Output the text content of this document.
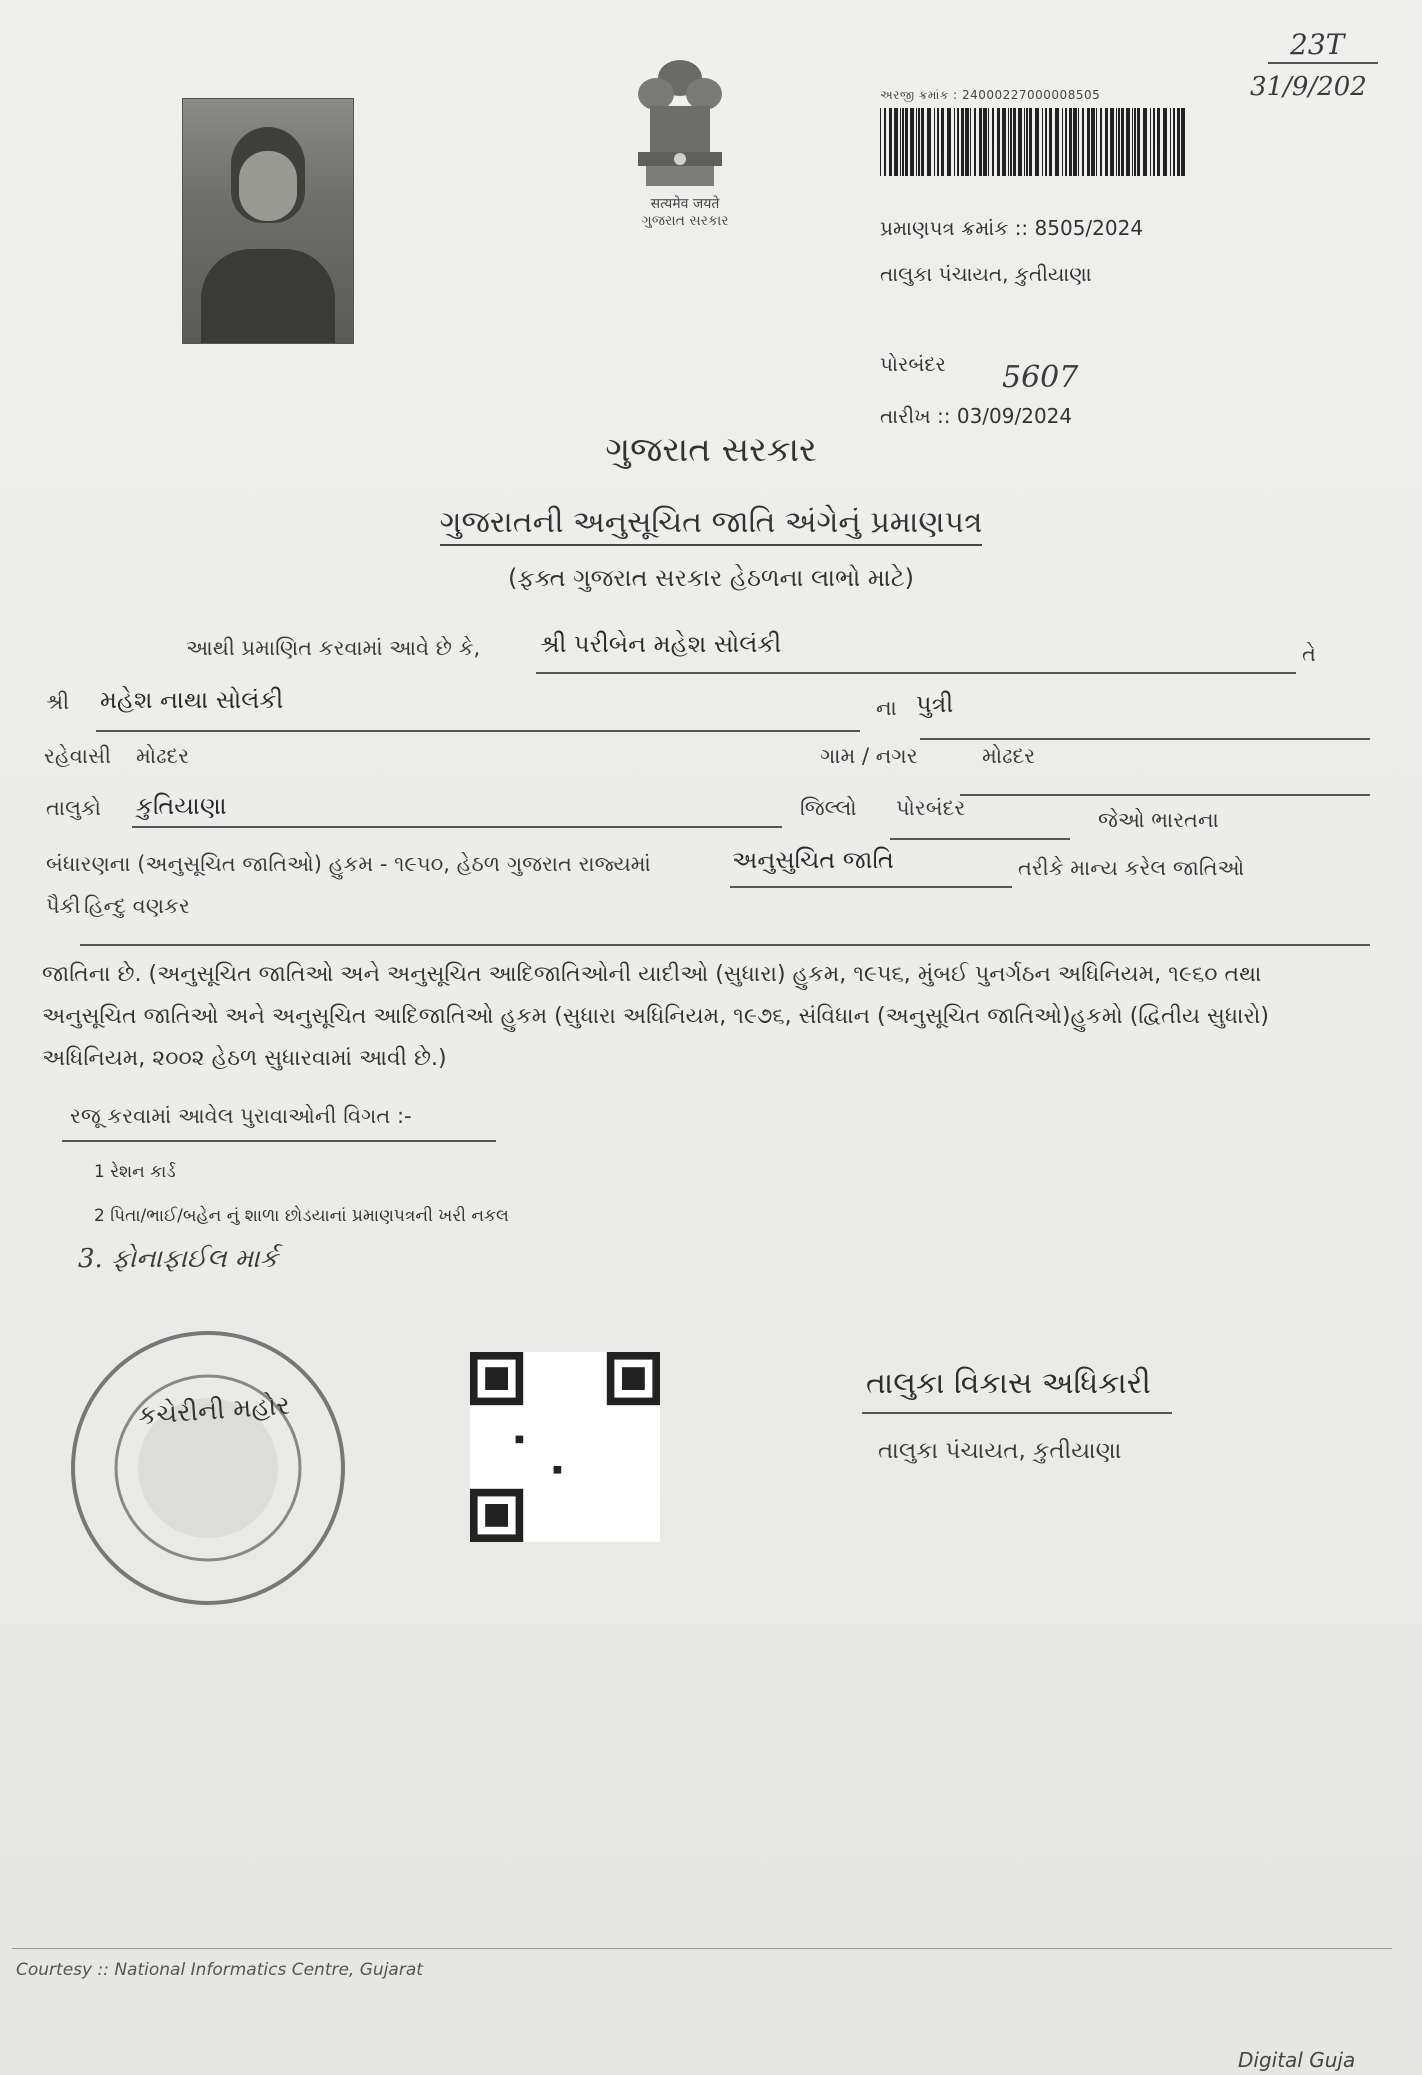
23T
31/9/202
सत्यमेव जयते
ગુજરાત સરકાર
અરજી ક્રમાંક : 24000227000008505
પ્રમાણપત્ર ક્રમાંક :: 8505/2024
તાલુકા પંચાયત, કુતીયાણા
પોરબંદર 5607
તારીખ :: 03/09/2024
ગુજરાત સરકાર
ગુજરાતની અનુસૂચિત જાતિ અંગેનું પ્રમાણપત્ર
(ફક્ત ગુજરાત સરકાર હેઠળના લાભો માટે)
આથી પ્રમાણિત કરવામાં આવે છે કે, શ્રી પરીબેન મહેશ સોલંકી	તે
શ્રી મહેશ નાથા સોલંકી	ના પુત્રી
રહેવાસી મોઢદર	ગામ / નગર	મોઢદર
તાલુકો કુતિયાણા	જિલ્લો પોરબંદર	જેઓ ભારતના
બંધારણના (અનુસૂચિત જાતિઓ) હુકમ - ૧૯૫૦, હેઠળ ગુજરાત રાજ્યમાં	અનુસુચિત જાતિ	તરીકે માન્ય કરેલ જાતિઓ
પૈકી હિન્દુ વણકર
જાતિના છે. (અનુસૂચિત જાતિઓ અને અનુસૂચિત આદિજાતિઓની યાદીઓ (સુધારા) હુકમ, ૧૯૫૬, મુંબઈ પુનર્ગઠન અધિનિયમ, ૧૯૬૦ તથા અનુસૂચિત જાતિઓ અને અનુસૂચિત આદિજાતિઓ હુકમ (સુધારા અધિનિયમ, ૧૯૭૬, સંવિધાન (અનુસૂચિત જાતિઓ)હુકમો (દ્વિતીય સુધારો) અધિનિયમ, ૨૦૦૨ હેઠળ સુધારવામાં આવી છે.)
રજૂ કરવામાં આવેલ પુરાવાઓની વિગત :-
1 રેશન કાર્ડ
2 પિતા/ભાઈ/બહેન નું શાળા છોડયાનાં પ્રમાણપત્રની ખરી નકલ
3. ફોનાફાઈલ માર્ક
કચેરીની મહોર
તાલુકા વિકાસ અધિકારી
તાલુકા પંચાયત, કુતીયાણા
Courtesy :: National Informatics Centre, Gujarat
Digital Guja
